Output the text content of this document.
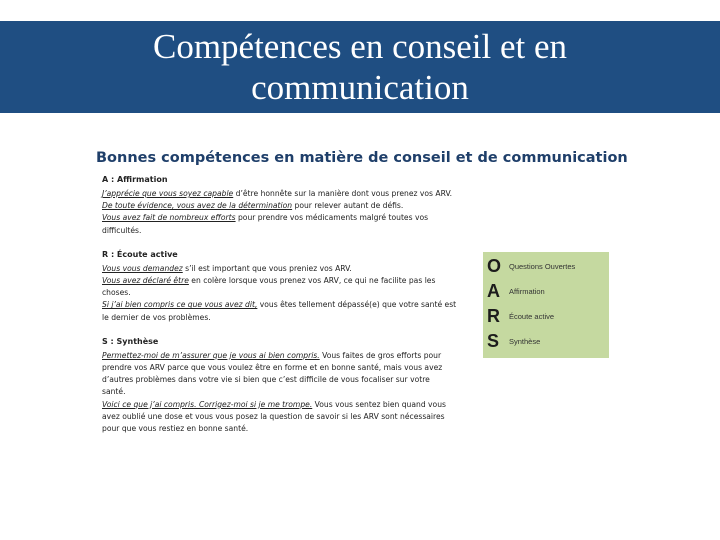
Compétences en conseil et en communication
Bonnes compétences en matière de conseil et de communication
A : Affirmation
J’apprécie que vous soyez capable d’être honnête sur la manière dont vous prenez vos ARV.
De toute évidence, vous avez de la détermination pour relever autant de défis.
Vous avez fait de nombreux efforts pour prendre vos médicaments malgré toutes vos
difficultés.
R : Écoute active
Vous vous demandez s’il est important que vous preniez vos ARV.
Vous avez déclaré être en colère lorsque vous prenez vos ARV, ce qui ne facilite pas les
choses.
Si j’ai bien compris ce que vous avez dit, vous êtes tellement dépassé(e) que votre santé est
le dernier de vos problèmes.
S : Synthèse
Permettez-moi de m’assurer que je vous ai bien compris. Vous faites de gros efforts pour
prendre vos ARV parce que vous voulez être en forme et en bonne santé, mais vous avez
d’autres problèmes dans votre vie si bien que c’est difficile de vous focaliser sur votre
santé.
Voici ce que j’ai compris. Corrigez-moi si je me trompe. Vous vous sentez bien quand vous
avez oublié une dose et vous vous posez la question de savoir si les ARV sont nécessaires
pour que vous restiez en bonne santé.
O	Questions Ouvertes
A	Affirmation
R	Écoute active
S	Synthèse
